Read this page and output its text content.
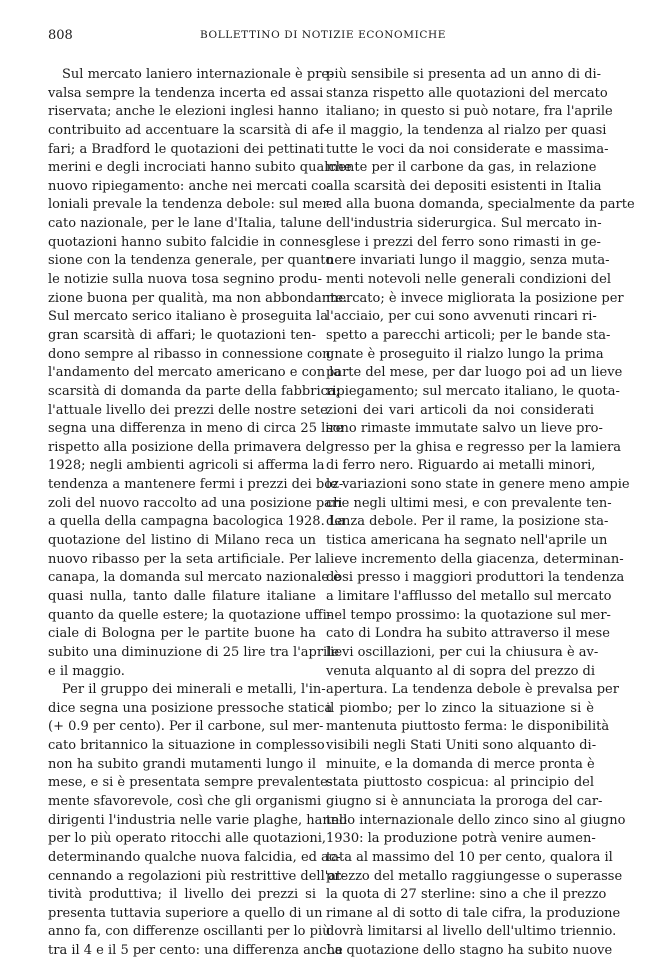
808	BOLLETTINO DI NOTIZIE ECONOMICHE
Sul mercato laniero internazionale è prе-
valsa sempre la tendenza incerta ed assai
riservata; anche le elezioni inglesi hanno
contribuito ad accentuare la scarsità di af-
fari; a Bradford le quotazioni dei pettinati
merini e degli incrociati hanno subito qualche
nuovo ripiegamento: anche nei mercati co-
loniali prevale la tendenza debole: sul mer-
cato nazionale, per le lane d'Italia, talune
quotazioni hanno subito falcidie in connes-
sione con la tendenza generale, per quanto
le notizie sulla nuova tosa segnino produ-
zione buona per qualità, ma non abbondante.
Sul mercato serico italiano è proseguita la
gran scarsità di affari; le quotazioni ten-
dono sempre al ribasso in connessione con
l'andamento del mercato americano e con la
scarsità di domanda da parte della fabbrica;
l'attuale livello dei prezzi delle nostre sete
segna una differenza in meno di circa 25 lire
rispetto alla posizione della primavera del
1928; negli ambienti agricoli si afferma la
tendenza a mantenere fermi i prezzi dei boz-
zoli del nuovo raccolto ad una posizione pari
a quella della campagna bacologica 1928. La
quotazione del listino di Milano reca un
nuovo ribasso per la seta artificiale. Per la
canapa, la domanda sul mercato nazionale è
quasi nulla, tanto dalle filature italiane
quanto da quelle estere; la quotazione uffi-
ciale di Bologna per le partite buone ha
subito una diminuzione di 25 lire tra l'aprile
e il maggio.
Per il gruppo dei minerali e metalli, l'in-
dice segna una posizione pressoche statica
(+ 0.9 per cento). Per il carbone, sul mer-
cato britannico la situazione in complesso
non ha subito grandi mutamenti lungo il
mese, e si è presentata sempre prevalente-
mente sfavorevole, così che gli organismi
dirigenti l'industria nelle varie plaghe, hanno
per lo più operato ritocchi alle quotazioni,
determinando qualche nuova falcidia, ed ac-
cennando a regolazioni più restrittive dell'at-
tività produttiva; il livello dei prezzi si
presenta tuttavia superiore a quello di un
anno fa, con differenze oscillanti per lo più
tra il 4 e il 5 per cento: una differenza anche
più sensibile si presenta ad un anno di di-
stanza rispetto alle quotazioni del mercato
italiano; in questo si può notare, fra l'aprile
e il maggio, la tendenza al rialzo per quasi
tutte le voci da noi considerate e massima-
mente per il carbone da gas, in relazione
alla scarsità dei depositi esistenti in Italia
ed alla buona domanda, specialmente da parte
dell'industria siderurgica. Sul mercato in-
glese i prezzi del ferro sono rimasti in ge-
nere invariati lungo il maggio, senza muta-
menti notevoli nelle generali condizioni del
mercato; è invece migliorata la posizione per
l'acciaio, per cui sono avvenuti rincari ri-
spetto a parecchi articoli; per le bande sta-
gnate è proseguito il rialzo lungo la prima
parte del mese, per dar luogo poi ad un lieve
ripiegamento; sul mercato italiano, le quota-
zioni dei vari articoli da noi considerati
sono rimaste immutate salvo un lieve pro-
gresso per la ghisa e regresso per la lamiera
di ferro nero. Riguardo ai metalli minori,
le variazioni sono state in genere meno ampie
che negli ultimi mesi, e con prevalente ten-
denza debole. Per il rame, la posizione sta-
tistica americana ha segnato nell'aprile un
lieve incremento della giacenza, determinan-
dosi presso i maggiori produttori la tendenza
a limitare l'afflusso del metallo sul mercato
nel tempo prossimo: la quotazione sul mer-
cato di Londra ha subito attraverso il mese
lievi oscillazioni, per cui la chiusura è av-
venuta alquanto al di sopra del prezzo di
apertura. La tendenza debole è prevalsa per
il piombo; per lo zinco la situazione si è
mantenuta piuttosto ferma: le disponibilità
visibili negli Stati Uniti sono alquanto di-
minuite, e la domanda di merce pronta è
stata piuttosto cospicua: al principio del
giugno si è annunciata la proroga del car-
tello internazionale dello zinco sino al giugno
1930: la produzione potrà venire aumen-
tata al massimo del 10 per cento, qualora il
prezzo del metallo raggiungesse o superasse
la quota di 27 sterline: sino a che il prezzo
rimane al di sotto di tale cifra, la produzione
dovrà limitarsi al livello dell'ultimo triennio.
La quotazione dello stagno ha subito nuove
